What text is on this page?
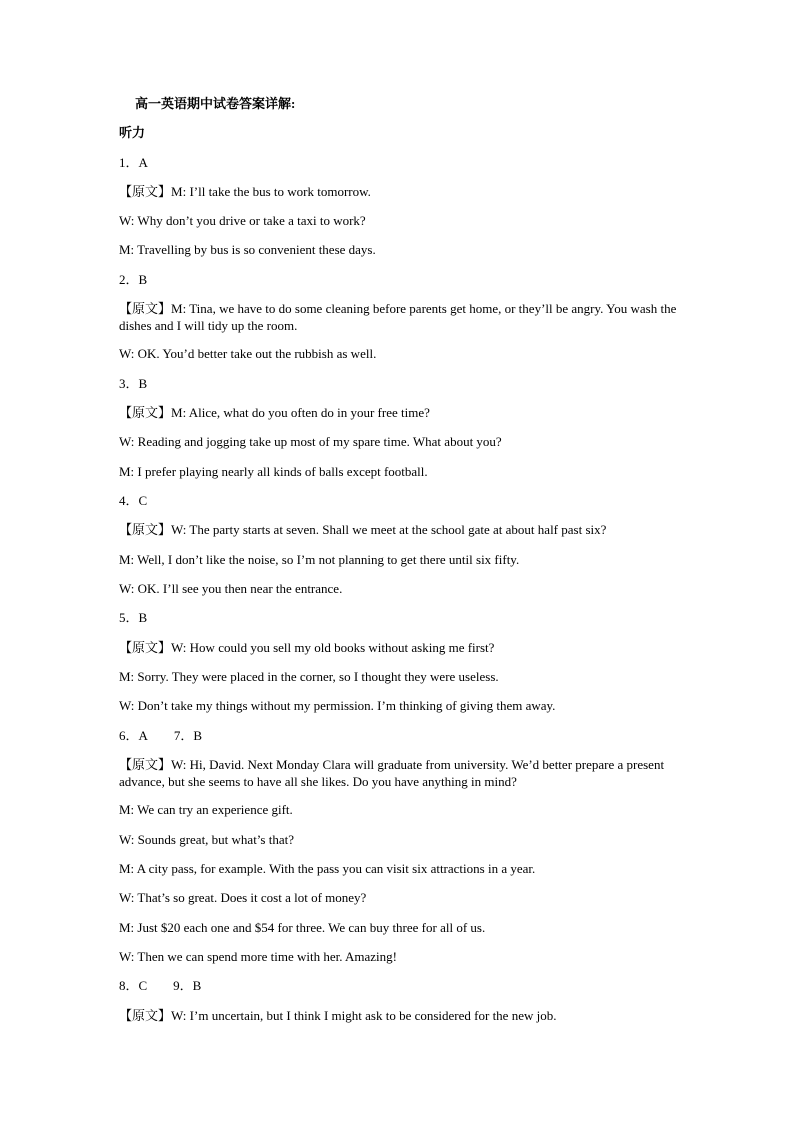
高一英语期中试卷答案详解:
听力
1．A
【原文】M: I’ll take the bus to work tomorrow.
W: Why don’t you drive or take a taxi to work?
M: Travelling by bus is so convenient these days.
2．B
【原文】M: Tina, we have to do some cleaning before parents get home, or they’ll be angry. You wash the dishes and I will tidy up the room.
W: OK. You’d better take out the rubbish as well.
3．B
【原文】M: Alice, what do you often do in your free time?
W: Reading and jogging take up most of my spare time. What about you?
M: I prefer playing nearly all kinds of balls except football.
4．C
【原文】W: The party starts at seven. Shall we meet at the school gate at about half past six?
M: Well, I don’t like the noise, so I’m not planning to get there until six fifty.
W: OK. I’ll see you then near the entrance.
5．B
【原文】W: How could you sell my old books without asking me first?
M: Sorry. They were placed in the corner, so I thought they were useless.
W: Don’t take my things without my permission. I’m thinking of giving them away.
6．A 7．B
【原文】W: Hi, David. Next Monday Clara will graduate from university. We’d better prepare a present advance, but she seems to have all she likes. Do you have anything in mind?
M: We can try an experience gift.
W: Sounds great, but what’s that?
M: A city pass, for example. With the pass you can visit six attractions in a year.
W: That’s so great. Does it cost a lot of money?
M: Just $20 each one and $54 for three. We can buy three for all of us.
W: Then we can spend more time with her. Amazing!
8．C 9．B
【原文】W: I’m uncertain, but I think I might ask to be considered for the new job.
